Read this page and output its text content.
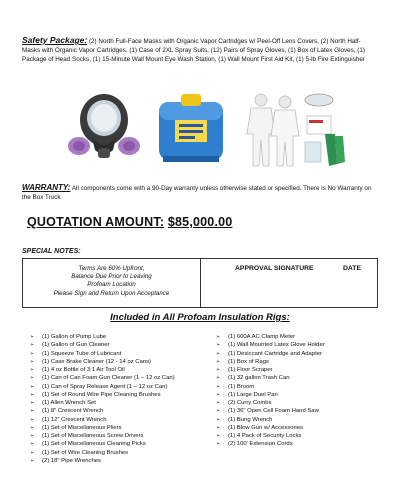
Safety Package: (2) North Full-Face Masks with Organic Vapor Cartridges w/ Peel-Off Lens Covers, (2) North Half-Masks with Organic Vapor Cartridges, (1) Case of 2XL Spray Suits, (12) Pairs of Spray Gloves, (1) Box of Latex Gloves, (1) Package of Head Socks, (1) 15-Minute Wall Mount Eye Wash Station, (1) Wall Mount First Aid Kit, (1) 5-lb Fire Extinguisher
WARRANTY: All components come with a 90-Day warranty unless otherwise stated or specified. There is No Warranty on the Box Truck
QUOTATION AMOUNT: $85,000.00
SPECIAL NOTES:
Terms Are 60% Upfront,
Balance Due Prior to Leaving
Profoam Location
Please Sign and Return Upon Acceptance
APPROVAL SIGNATURE	DATE
Included in All Profoam Insulation Rigs:
➢ (1) Gallon of Pump Lube
➢ (1) Gallon of Gun Cleaner
➢ (1) Squeeze Tube of Lubricant
➢ (1) Case Brake Cleaner (12 - 14 oz Cans)
➢ (1) 4 oz Bottle of 3:1 Air Tool Oil
➢ (1) Can of Can Foam Gun Cleaner (1 – 12 oz Can)
➢ (1) Can of Spray Release Agent (1 – 12 oz Can)
➢ (1) Set of Round Wire Pipe Cleaning Brushes
➢ (1) Allen Wrench Set
➢ (1) 8" Crescent Wrench
➢ (1) 12" Crescent Wrench
➢ (1) Set of Miscellaneous Pliers
➢ (1) Set of Miscellaneous Screw Drivers
➢ (1) Set of Miscellaneous Cleaning Picks
➢ (1) Set of Wire Cleaning Brushes
➢ (2) 18" Pipe Wrenches
➢ (1) 600A AC Clamp Meter
➢ (1) Wall Mounted Latex Glove Holder
➢ (1) Desiccant Cartridge and Adapter
➢ (1) Box of Rags
➢ (1) Floor Scraper
➢ (1) 32 gallon Trash Can
➢ (1) Broom
➢ (1) Large Duel Pan
➢ (2) Curry Combs
➢ (1) 36" Open Cell Foam Hand Saw
➢ (1) Bung Wrench
➢ (1) Blow Gun w/ Accessories
➢ (1) 4 Pack of Security Locks
➢ (2) 100' Extension Cords
